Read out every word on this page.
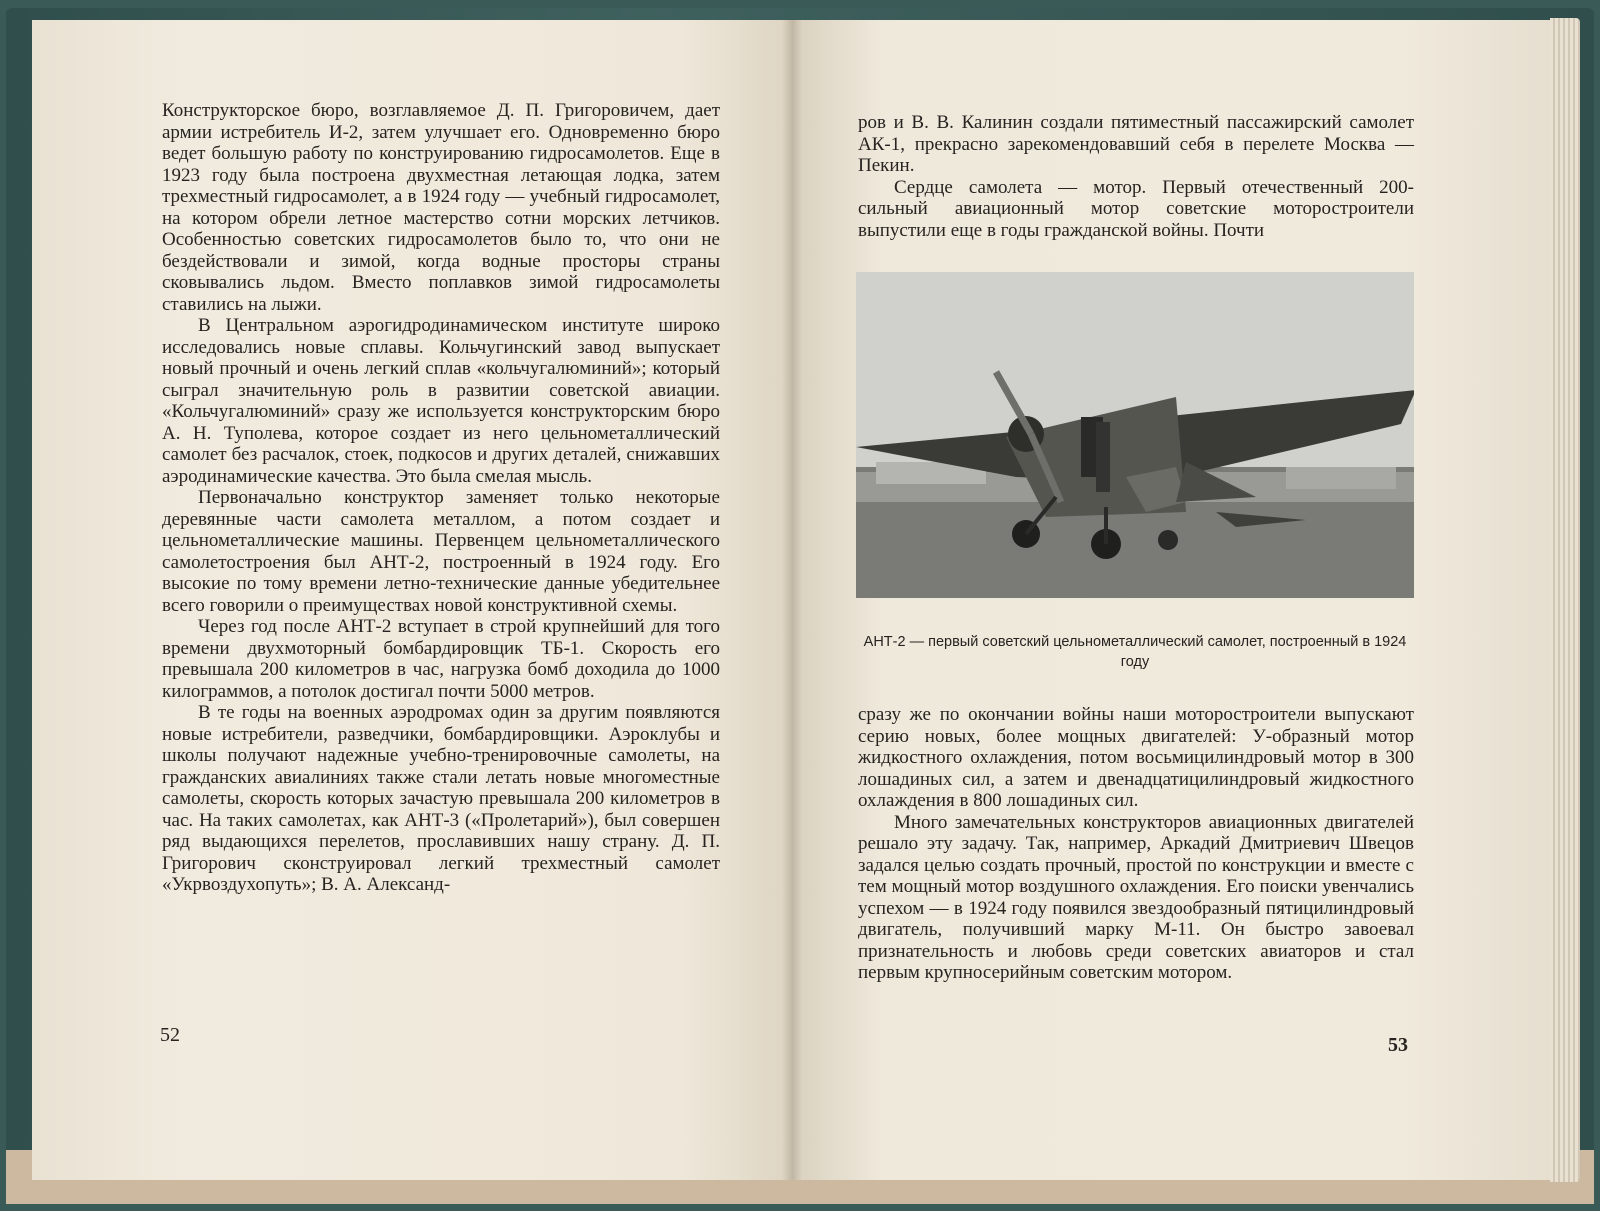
Конструкторское бюро, возглавляемое Д. П. Григоровичем, дает армии истребитель И-2, затем улучшает его. Одновременно бюро ведет большую работу по конструированию гидросамолетов. Еще в 1923 году была построена двухместная летающая лодка, затем трехместный гидросамолет, а в 1924 году — учебный гидросамолет, на котором обрели летное мастерство сотни морских летчиков. Особенностью советских гидросамолетов было то, что они не бездействовали и зимой, когда водные просторы страны сковывались льдом. Вместо поплавков зимой гидросамолеты ставились на лыжи.

В Центральном аэрогидродинамическом институте широко исследовались новые сплавы. Кольчугинский завод выпускает новый прочный и очень легкий сплав «кольчугалюминий»; который сыграл значительную роль в развитии советской авиации. «Кольчугалюминий» сразу же используется конструкторским бюро А. Н. Туполева, которое создает из него цельнометаллический самолет без расчалок, стоек, подкосов и других деталей, снижавших аэродинамические качества. Это была смелая мысль.

Первоначально конструктор заменяет только некоторые деревянные части самолета металлом, а потом создает и цельнометаллические машины. Первенцем цельнометаллического самолетостроения был АНТ-2, построенный в 1924 году. Его высокие по тому времени летно-технические данные убедительнее всего говорили о преимуществах новой конструктивной схемы.

Через год после АНТ-2 вступает в строй крупнейший для того времени двухмоторный бомбардировщик ТБ-1. Скорость его превышала 200 километров в час, нагрузка бомб доходила до 1000 килограммов, а потолок достигал почти 5000 метров.

В те годы на военных аэродромах один за другим появляются новые истребители, разведчики, бомбардировщики. Аэроклубы и школы получают надежные учебно-тренировочные самолеты, на гражданских авиалиниях также стали летать новые многоместные самолеты, скорость которых зачастую превышала 200 километров в час. На таких самолетах, как АНТ-3 («Пролетарий»), был совершен ряд выдающихся перелетов, прославивших нашу страну. Д. П. Григорович сконструировал легкий трехместный самолет «Укрвоздухопуть»; В. А. Александ-

52

ров и В. В. Калинин создали пятиместный пассажирский самолет АК-1, прекрасно зарекомендовавший себя в перелете Москва — Пекин.

Сердце самолета — мотор. Первый отечественный 200-сильный авиационный мотор советские моторостроители выпустили еще в годы гражданской войны. Почти

АНТ-2 — первый советский цельнометаллический самолет, построенный в 1924 году

сразу же по окончании войны наши моторостроители выпускают серию новых, более мощных двигателей: У-образный мотор жидкостного охлаждения, потом восьмицилиндровый мотор в 300 лошадиных сил, а затем и двенадцатицилиндровый жидкостного охлаждения в 800 лошадиных сил.

Много замечательных конструкторов авиационных двигателей решало эту задачу. Так, например, Аркадий Дмитриевич Швецов задался целью создать прочный, простой по конструкции и вместе с тем мощный мотор воздушного охлаждения. Его поиски увенчались успехом — в 1924 году появился звездообразный пятицилиндровый двигатель, получивший марку М-11. Он быстро завоевал признательность и любовь среди советских авиаторов и стал первым крупносерийным советским мотором.

53
